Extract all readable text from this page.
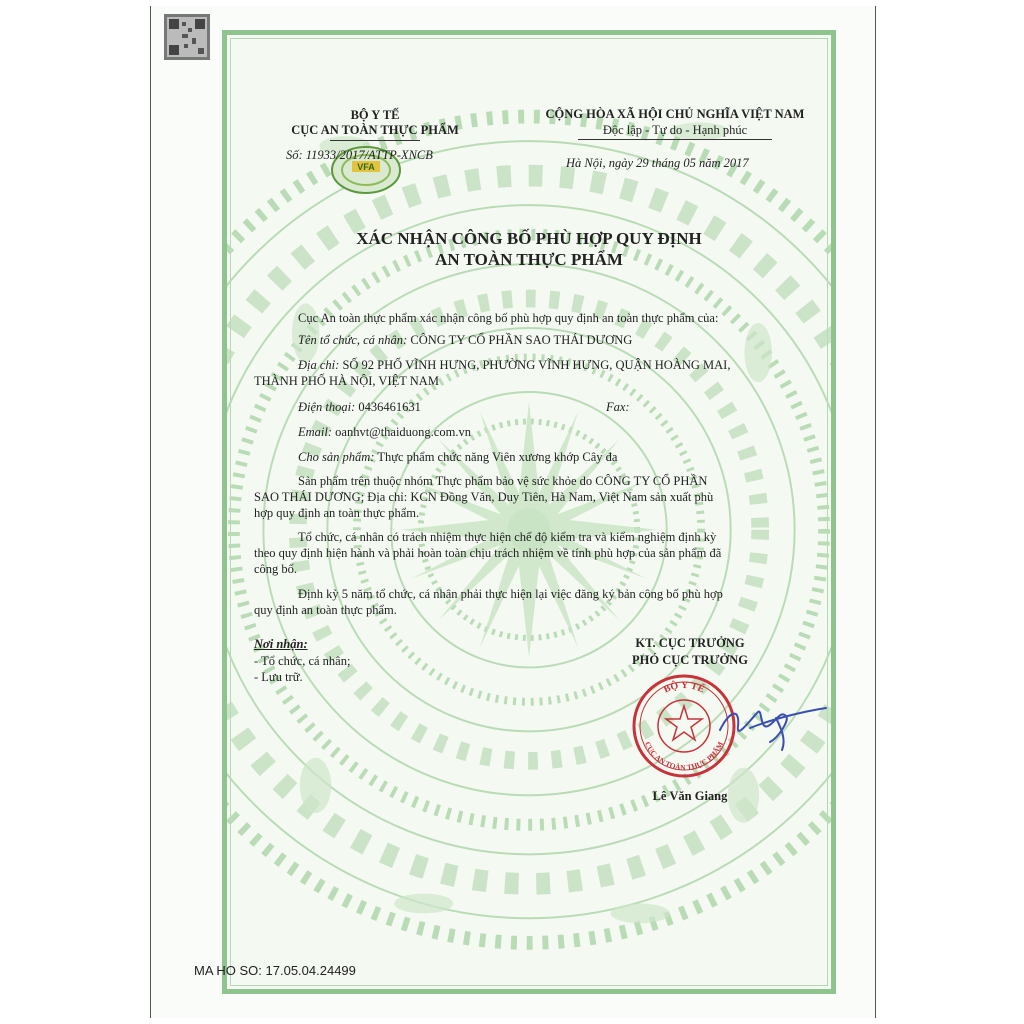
VFA
BỘ Y TẾ
CỤC AN TOÀN THỰC PHẨM
Số: 11933/2017/ATTP-XNCB
CỘNG HÒA XÃ HỘI CHỦ NGHĨA VIỆT NAM
Độc lập - Tự do - Hạnh phúc
Hà Nội, ngày 29 tháng 05 năm 2017
XÁC NHẬN CÔNG BỐ PHÙ HỢP QUY ĐỊNH
AN TOÀN THỰC PHẨM
Cục An toàn thực phẩm xác nhận công bố phù hợp quy định an toàn thực phẩm của:
Tên tổ chức, cá nhân: CÔNG TY CỔ PHẦN SAO THÁI DƯƠNG
Địa chỉ: SỐ 92 PHỐ VĨNH HƯNG, PHƯỜNG VĨNH HƯNG, QUẬN HOÀNG MAI,
THÀNH PHỐ HÀ NỘI, VIỆT NAM
Điện thoại: 0436461631	Fax:
Email: oanhvt@thaiduong.com.vn
Cho sản phẩm: Thực phẩm chức năng Viên xương khớp Cây đa
Sản phẩm trên thuộc nhóm Thực phẩm bảo vệ sức khỏe do CÔNG TY CỔ PHẦN
SAO THÁI DƯƠNG; Địa chỉ: KCN Đồng Văn, Duy Tiên, Hà Nam, Việt Nam sản xuất phù
hợp quy định an toàn thực phẩm.
Tổ chức, cá nhân có trách nhiệm thực hiện chế độ kiểm tra và kiểm nghiệm định kỳ
theo quy định hiện hành và phải hoàn toàn chịu trách nhiệm về tính phù hợp của sản phẩm đã
công bố.
Định kỳ 5 năm tổ chức, cá nhân phải thực hiện lại việc đăng ký bản công bố phù hợp
quy định an toàn thực phẩm.
Nơi nhận:
- Tổ chức, cá nhân;
- Lưu trữ.
KT. CỤC TRƯỞNG
PHÓ CỤC TRƯỞNG
BỘ Y TẾ
CỤC AN TOÀN THỰC PHẨM
Lê Văn Giang
MA HO SO: 17.05.04.24499
